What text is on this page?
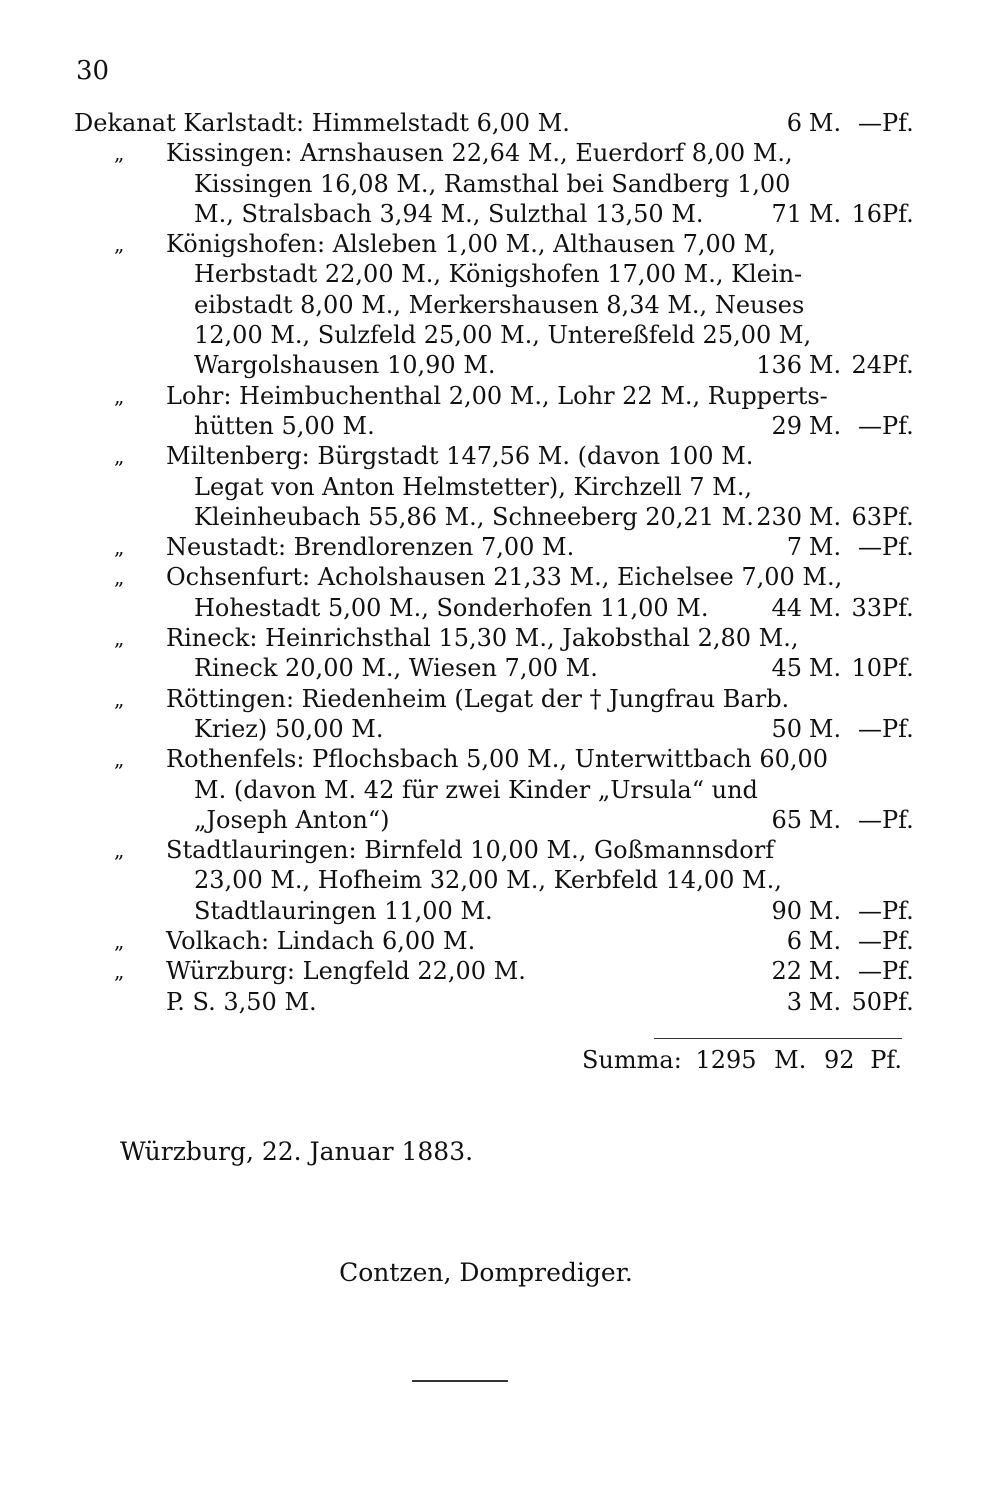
30
Dekanat Karlstadt: Himmelstadt 6,00 M.	6 M. —Pf.
„ Kissingen: Arnshausen 22,64 M., Euerdorf 8,00 M.,
Kissingen 16,08 M., Ramsthal bei Sandberg 1,00
M., Stralsbach 3,94 M., Sulzthal 13,50 M.	71 M. 16Pf.
„ Königshofen: Alsleben 1,00 M., Althausen 7,00 M,
Herbstadt 22,00 M., Königshofen 17,00 M., Klein-
eibstadt 8,00 M., Merkershausen 8,34 M., Neuses
12,00 M., Sulzfeld 25,00 M., Untereßfeld 25,00 M,
Wargolshausen 10,90 M.	136 M. 24Pf.
„ Lohr: Heimbuchenthal 2,00 M., Lohr 22 M., Rupperts-
hütten 5,00 M.	29 M. —Pf.
„ Miltenberg: Bürgstadt 147,56 M. (davon 100 M.
Legat von Anton Helmstetter), Kirchzell 7 M.,
Kleinheubach 55,86 M., Schneeberg 20,21 M. 230 M. 63Pf.
„ Neustadt: Brendlorenzen 7,00 M.	7 M. —Pf.
„ Ochsenfurt: Acholshausen 21,33 M., Eichelsee 7,00 M.,
Hohestadt 5,00 M., Sonderhofen 11,00 M.	44 M. 33Pf.
„ Rineck: Heinrichsthal 15,30 M., Jakobsthal 2,80 M.,
Rineck 20,00 M., Wiesen 7,00 M.	45 M. 10Pf.
„ Röttingen: Riedenheim (Legat der † Jungfrau Barb.
Kriez) 50,00 M.	50 M. —Pf.
„ Rothenfels: Pflochsbach 5,00 M., Unterwittbach 60,00
M. (davon M. 42 für zwei Kinder „Ursula“ und
„Joseph Anton“)	65 M. —Pf.
„ Stadtlauringen: Birnfeld 10,00 M., Goßmannsdorf
23,00 M., Hofheim 32,00 M., Kerbfeld 14,00 M.,
Stadtlauringen 11,00 M.	90 M. —Pf.
„ Volkach: Lindach 6,00 M.	6 M. —Pf.
„ Würzburg: Lengfeld 22,00 M.	22 M. —Pf.
P. S. 3,50 M.	3 M. 50Pf.
Summa: 1295 M. 92 Pf.
Würzburg, 22. Januar 1883.
Contzen, Domprediger.
